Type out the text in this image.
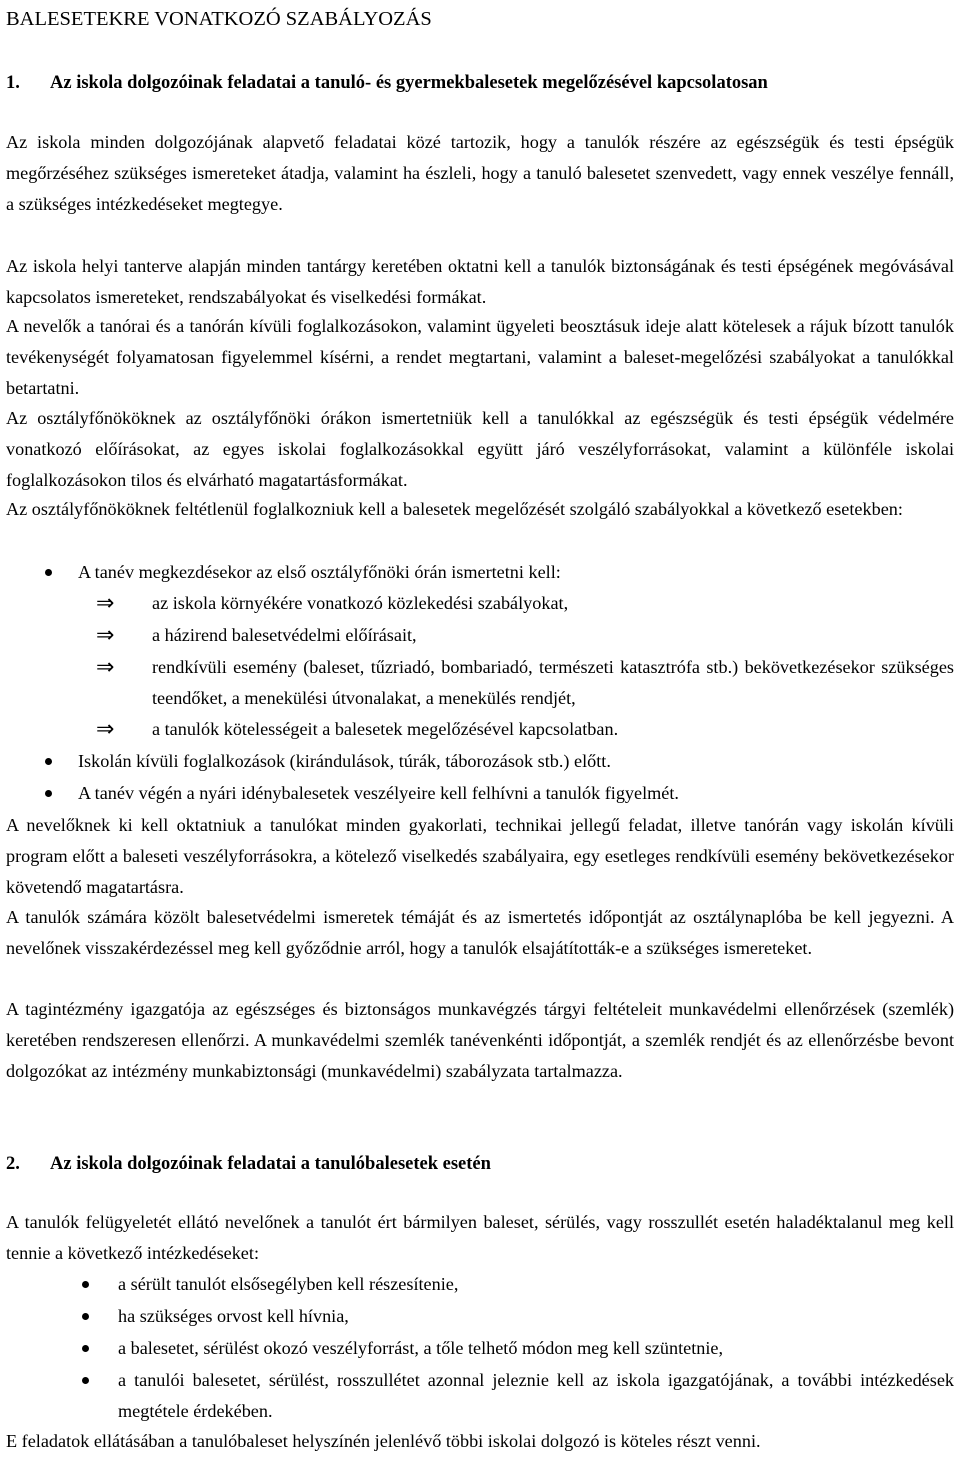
BALESETEKRE VONATKOZÓ SZABÁLYOZÁS
1. Az iskola dolgozóinak feladatai a tanuló- és gyermekbalesetek megelőzésével kapcsolatosan
Az iskola minden dolgozójának alapvető feladatai közé tartozik, hogy a tanulók részére az egészségük és testi épségük megőrzéséhez szükséges ismereteket átadja, valamint ha észleli, hogy a tanuló balesetet szenvedett, vagy ennek veszélye fennáll, a szükséges intézkedéseket megtegye.
Az iskola helyi tanterve alapján minden tantárgy keretében oktatni kell a tanulók biztonságának és testi épségének megóvásával kapcsolatos ismereteket, rendszabályokat és viselkedési formákat.
A nevelők a tanórai és a tanórán kívüli foglalkozásokon, valamint ügyeleti beosztásuk ideje alatt kötelesek a rájuk bízott tanulók tevékenységét folyamatosan figyelemmel kísérni, a rendet megtartani, valamint a baleset-megelőzési szabályokat a tanulókkal betartatni.
Az osztályfőnököknek az osztályfőnöki órákon ismertetniük kell a tanulókkal az egészségük és testi épségük védelmére vonatkozó előírásokat, az egyes iskolai foglalkozásokkal együtt járó veszélyforrásokat, valamint a különféle iskolai foglalkozásokon tilos és elvárható magatartásformákat.
Az osztályfőnököknek feltétlenül foglalkozniuk kell a balesetek megelőzését szolgáló szabályokkal a következő esetekben:
A tanév megkezdésekor az első osztályfőnöki órán ismertetni kell:
⇒ az iskola környékére vonatkozó közlekedési szabályokat,
⇒ a házirend balesetvédelmi előírásait,
⇒ rendkívüli esemény (baleset, tűzriadó, bombariadó, természeti katasztrófa stb.) bekövetkezésekor szükséges teendőket, a menekülési útvonalakat, a menekülés rendjét,
⇒ a tanulók kötelességeit a balesetek megelőzésével kapcsolatban.
Iskolán kívüli foglalkozások (kirándulások, túrák, táborozások stb.) előtt.
A tanév végén a nyári idénybalesetek veszélyeire kell felhívni a tanulók figyelmét.
A nevelőknek ki kell oktatniuk a tanulókat minden gyakorlati, technikai jellegű feladat, illetve tanórán vagy iskolán kívüli program előtt a baleseti veszélyforrásokra, a kötelező viselkedés szabályaira, egy esetleges rendkívüli esemény bekövetkezésekor követendő magatartásra.
A tanulók számára közölt balesetvédelmi ismeretek témáját és az ismertetés időpontját az osztálynaplóba be kell jegyezni. A nevelőnek visszakérdezéssel meg kell győződnie arról, hogy a tanulók elsajátították-e a szükséges ismereteket.
A tagintézmény igazgatója az egészséges és biztonságos munkavégzés tárgyi feltételeit munkavédelmi ellenőrzések (szemlék) keretében rendszeresen ellenőrzi. A munkavédelmi szemlék tanévenkénti időpontját, a szemlék rendjét és az ellenőrzésbe bevont dolgozókat az intézmény munkabiztonsági (munkavédelmi) szabályzata tartalmazza.
2. Az iskola dolgozóinak feladatai a tanulóbalesetek esetén
A tanulók felügyeletét ellátó nevelőnek a tanulót ért bármilyen baleset, sérülés, vagy rosszullét esetén haladéktalanul meg kell tennie a következő intézkedéseket:
a sérült tanulót elsősegélyben kell részesítenie,
ha szükséges orvost kell hívnia,
a balesetet, sérülést okozó veszélyforrást, a tőle telhető módon meg kell szüntetnie,
a tanulói balesetet, sérülést, rosszullétet azonnal jeleznie kell az iskola igazgatójának, a további intézkedések megtétele érdekében.
E feladatok ellátásában a tanulóbaleset helyszínén jelenlévő többi iskolai dolgozó is köteles részt venni.
